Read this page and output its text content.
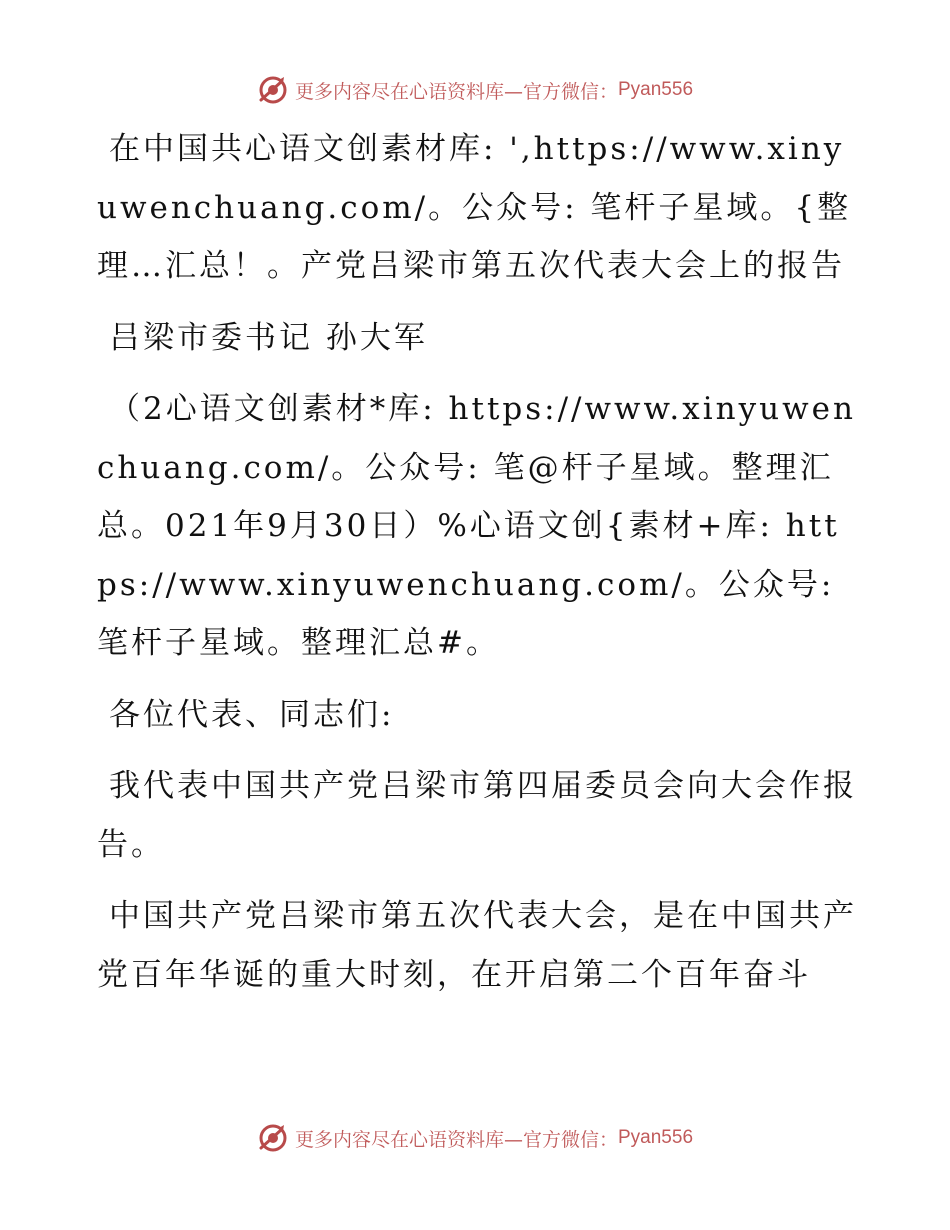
更多内容尽在心语资料库—官方微信： Pyan556

在中国共心语文创素材库: ',https://www.xinyuwenchuang.com/。公众号: 笔杆子星域。{整理…汇总！。产党吕梁市第五次代表大会上的报告

吕梁市委书记 孙大军

（2心语文创素材*库: https://www.xinyuwenchuang.com/。公众号: 笔@杆子星域。整理汇总。021年9月30日）%心语文创{素材+库: https://www.xinyuwenchuang.com/。公众号: 笔杆子星域。整理汇总#。

各位代表、同志们:

我代表中国共产党吕梁市第四届委员会向大会作报告。

中国共产党吕梁市第五次代表大会，是在中国共产党百年华诞的重大时刻，在开启第二个百年奋斗

更多内容尽在心语资料库—官方微信： Pyan556
